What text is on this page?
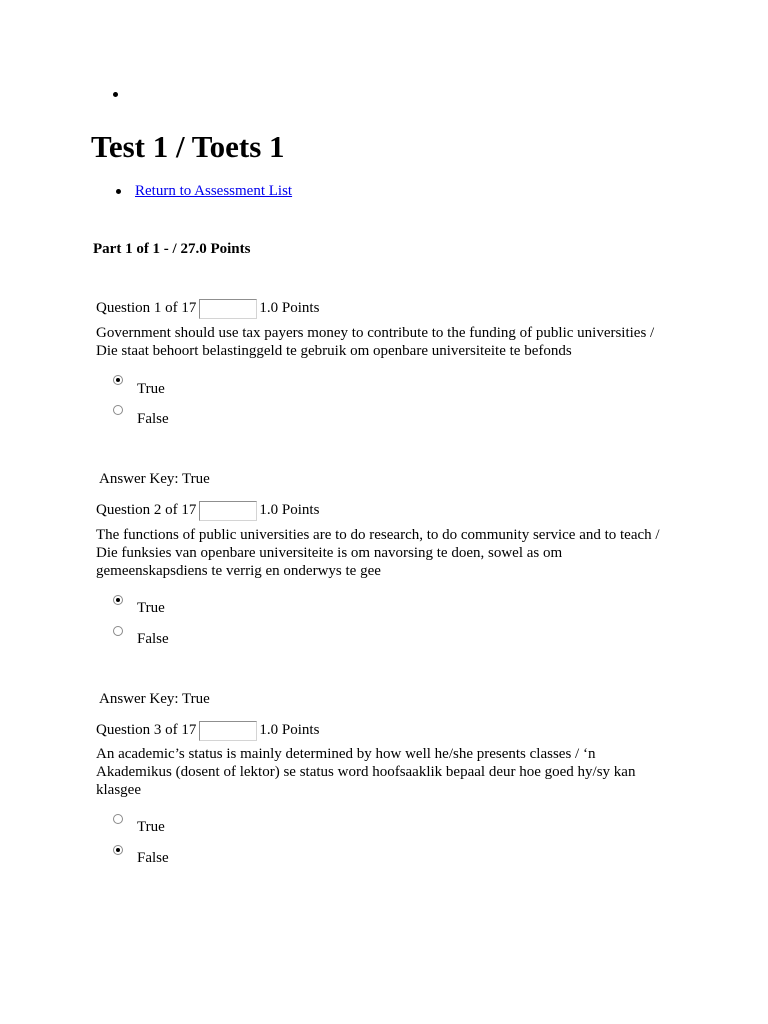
Test 1 / Toets 1
Return to Assessment List
Part 1 of 1 - / 27.0 Points
Question 1 of 17	1.0 Points
Government should use tax payers money to contribute to the funding of public universities /
Die staat behoort belastinggeld te gebruik om openbare universiteite te befonds
True
False
Answer Key: True
Question 2 of 17	1.0 Points
The functions of public universities are to do research, to do community service and to teach /
Die funksies van openbare universiteite is om navorsing te doen, sowel as om
gemeenskapsdiens te verrig en onderwys te gee
True
False
Answer Key: True
Question 3 of 17	1.0 Points
An academic’s status is mainly determined by how well he/she presents classes / ‘n
Akademikus (dosent of lektor) se status word hoofsaaklik bepaal deur hoe goed hy/sy kan
klasgee
True
False
